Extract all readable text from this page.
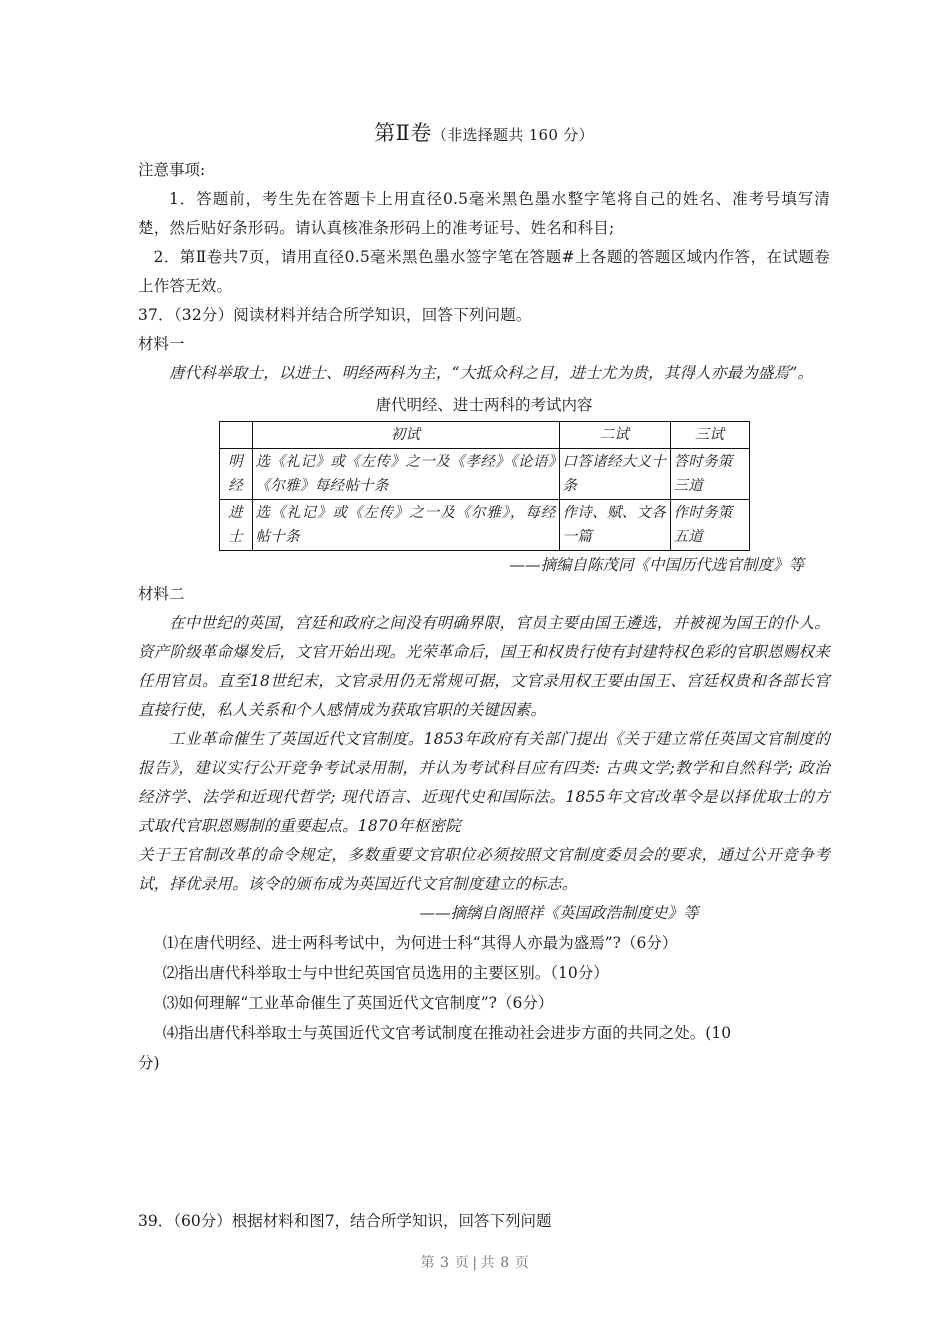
第Ⅱ卷（非选择题共 160 分）

注意事项:

1．答题前，考生先在答题卡上用直径0.5毫米黑色墨水整字笔将自己的姓名、准考号填写清楚，然后贴好条形码。请认真核准条形码上的准考证号、姓名和科目;

2．第Ⅱ卷共7页，请用直径0.5毫米黑色墨水签字笔在答题#上各题的答题区域内作答，在试题卷上作答无效。

37．（32分）阅读材料并结合所学知识，回答下列问题。

材料一

唐代科举取士，以进士、明经两科为主，“大抵众科之目，进士尤为贵，其得人亦最为盛焉”。

唐代明经、进士两科的考试内容
	初试	二试	三试

明经	选《礼记》或《左传》之一及《孝经》《论语》《尔雅》每经帖十条	口答诸经大义十条	答时务策三道

进士	选《礼记》或《左传》之一及《尔雅》，每经帖十条	作诗、赋、文各一篇	作时务策五道

——摘编自陈茂同《中国历代选官制度》等

材料二

在中世纪的英国，宫廷和政府之间没有明确界限，官员主要由国王遴选，并被视为国王的仆人。资产阶级革命爆发后，文官开始出现。光荣革命后，国王和权贵行使有封建特权色彩的官职恩赐权来任用官员。直至18世纪末，文官录用仍无常规可据，文官录用权王要由国王、宫廷权贵和各部长官直接行使，私人关系和个人感情成为获取官职的关键因素。

工业革命催生了英国近代文官制度。1853年政府有关部门提出《关于建立常任英国文官制度的报告》，建议实行公开竞争考试录用制，并认为考试科目应有四类: 古典文学;教学和自然科学; 政治经济学、法学和近现代哲学; 现代语言、近现代史和国际法。1855年文官改革令是以择优取士的方式取代官职恩赐制的重要起点。1870年枢密院

关于王官制改革的命令规定，多数重要文官职位必须按照文官制度委员会的要求，通过公开竞争考试，择优录用。该令的颁布成为英国近代文官制度建立的标志。

——摘缡自阁照祥《英国政浩制度史》等

⑴在唐代明经、进士两科考试中，为何进士科“其得人亦最为盛焉”?（6分）

⑵指出唐代科举取士与中世纪英国官员选用的主要区别。（10分）

⑶如何理解“工业革命催生了英国近代文官制度”?（6分）

⑷指出唐代科举取士与英国近代文官考试制度在推动社会进步方面的共同之处。(10

分)

39．（60分）根据材料和图7，结合所学知识，回答下列问题

第 3 页 | 共 8 页
